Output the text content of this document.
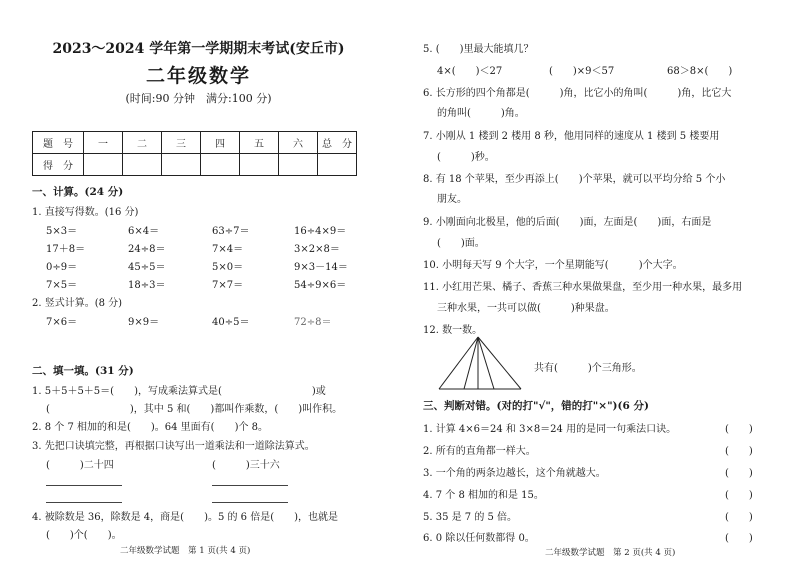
2023～2024 学年第一学期期末考试(安丘市)
二年级数学
(时间:90 分钟　满分:100 分)
题　号	一	二	三	四	五	六	总　分
得　分							
一、计算。(24 分)
1. 直接写得数。(16 分)
5×3＝	6×4＝	63÷7＝	16÷4×9＝
17＋8＝	24÷8＝	7×4＝	3×2×8＝
0÷9＝	45÷5＝	5×0＝	9×3－14＝
7×5＝	18÷3＝	7×7＝	54÷9×6＝
2. 竖式计算。(8 分)
7×6＝	9×9＝	40÷5＝	72÷8＝
二、填一填。(31 分)
1. 5＋5＋5＋5＝(　　)，写成乘法算式是(　　　　　　　　　)或
(　　　　　　　　)，其中 5 和(　　)都叫作乘数，(　　)叫作积。
2. 8 个 7 相加的和是(　　)。64 里面有(　　)个 8。
3. 先把口诀填完整，再根据口诀写出一道乘法和一道除法算式。
(　　　)二十四	(　　　)三十六
4. 被除数是 36，除数是 4，商是(　　)。5 的 6 倍是(　　)，也就是
(　　)个(　　)。
二年级数学试题　第 1 页(共 4 页)
5. (　　)里最大能填几？
4×(　　)＜27	(　　)×9＜57	68＞8×(　　)
6. 长方形的四个角都是(　　　)角，比它小的角叫(　　　)角，比它大
的角叫(　　　)角。
7. 小刚从 1 楼到 2 楼用 8 秒，他用同样的速度从 1 楼到 5 楼要用
(　　　)秒。
8. 有 18 个苹果，至少再添上(　　)个苹果，就可以平均分给 5 个小
朋友。
9. 小刚面向北极星，他的后面(　　)面，左面是(　　)面，右面是
(　　)面。
10. 小明每天写 9 个大字，一个星期能写(　　　)个大字。
11. 小红用芒果、橘子、香蕉三种水果做果盘，至少用一种水果，最多用
三种水果，一共可以做(　　　)种果盘。
12. 数一数。
共有(　　　)个三角形。
三、判断对错。(对的打"√"，错的打"×")(6 分)
1. 计算 4×6＝24 和 3×8＝24 用的是同一句乘法口诀。	(　　)
2. 所有的直角都一样大。	(　　)
3. 一个角的两条边越长，这个角就越大。	(　　)
4. 7 个 8 相加的和是 15。	(　　)
5. 35 是 7 的 5 倍。	(　　)
6. 0 除以任何数都得 0。	(　　)
二年级数学试题　第 2 页(共 4 页)
